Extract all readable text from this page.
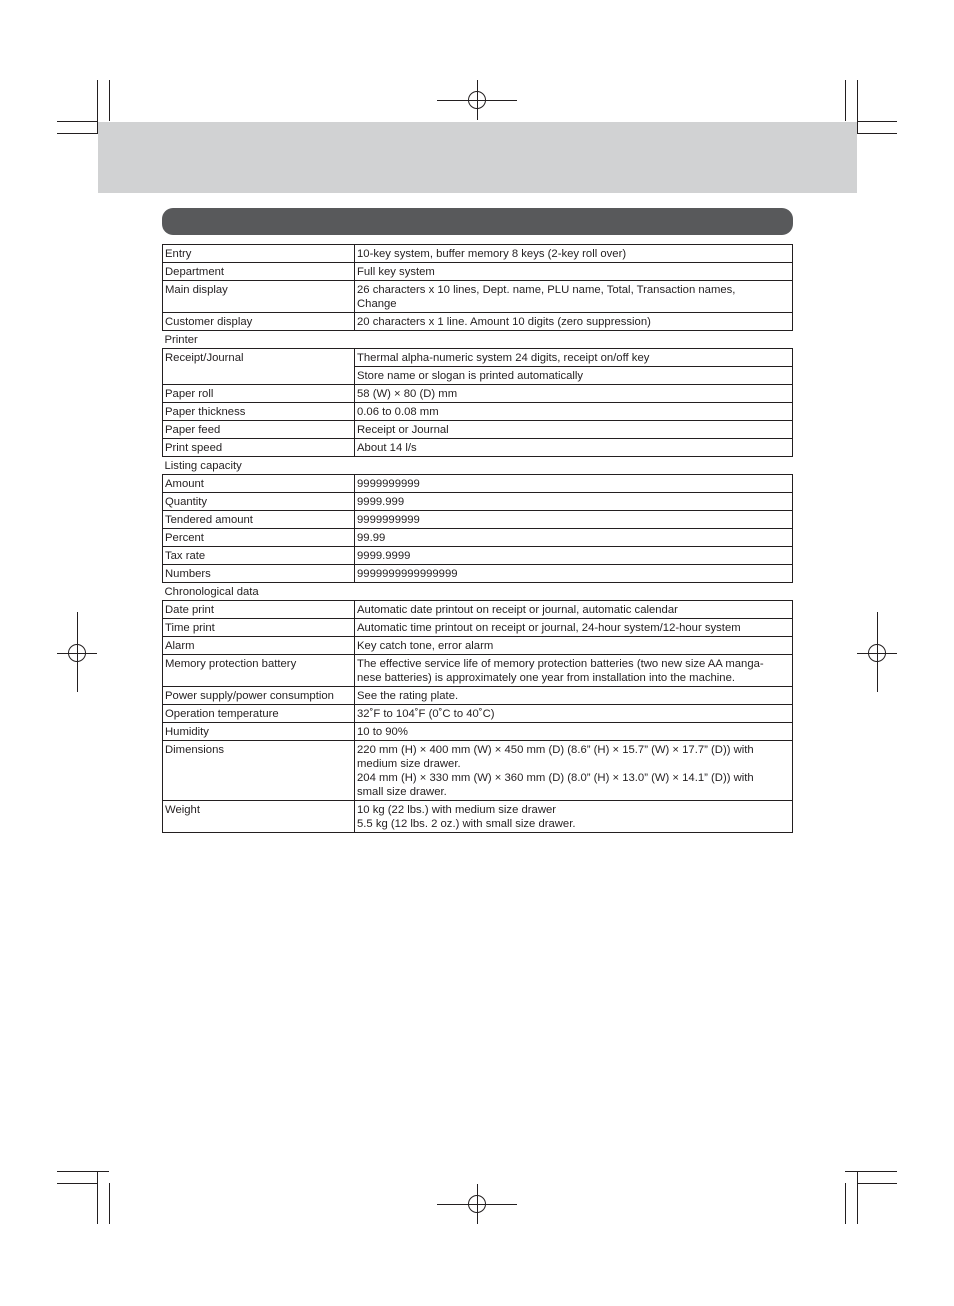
Entry	10-key system, buffer memory 8 keys (2-key roll over)
Department	Full key system
Main display	26 characters x 10 lines, Dept. name, PLU name, Total, Transaction names,
Change
Customer display	20 characters x 1 line. Amount 10 digits (zero suppression)
Printer	
Receipt/Journal	Thermal alpha-numeric system 24 digits, receipt on/off key
	Store name or slogan is printed automatically
Paper roll	58 (W) × 80 (D) mm
Paper thickness	0.06 to 0.08 mm
Paper feed	Receipt or Journal
Print speed	About 14 l/s
Listing capacity	
Amount	9999999999
Quantity	9999.999
Tendered amount	9999999999
Percent	99.99
Tax rate	9999.9999
Numbers	9999999999999999
Chronological data	
Date print	Automatic date printout on receipt or journal, automatic calendar
Time print	Automatic time printout on receipt or journal, 24-hour system/12-hour system
Alarm	Key catch tone, error alarm
Memory protection battery	The effective service life of memory protection batteries (two new size AA manga-
nese batteries) is approximately one year from installation into the machine.
Power supply/power consumption	See the rating plate.
Operation temperature	32˚F to 104˚F (0˚C to 40˚C)
Humidity	10 to 90%
Dimensions	220 mm (H) × 400 mm (W) × 450 mm (D) (8.6” (H) × 15.7” (W) × 17.7” (D)) with
medium size drawer.
204 mm (H) × 330 mm (W) × 360 mm (D) (8.0” (H) × 13.0” (W) × 14.1” (D)) with
small size drawer.
Weight	10 kg (22 lbs.) with medium size drawer
5.5 kg (12 lbs. 2 oz.) with small size drawer.
